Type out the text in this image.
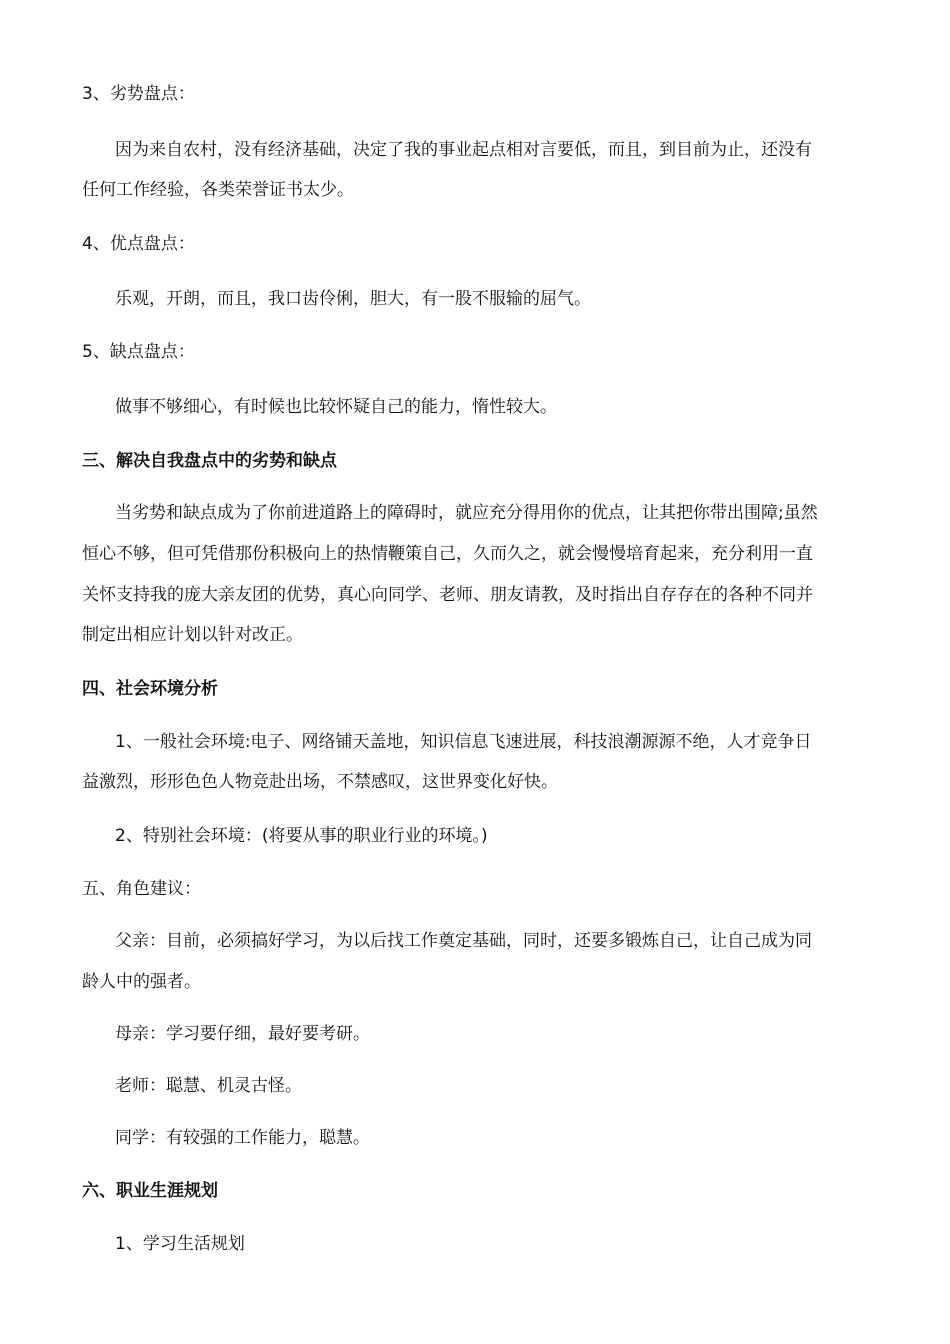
3、劣势盘点：
因为来自农村，没有经济基础，决定了我的事业起点相对言要低，而且，到目前为止，还没有
任何工作经验，各类荣誉证书太少。
4、优点盘点：
乐观，开朗，而且，我口齿伶俐，胆大，有一股不服输的屈气。
5、缺点盘点：
做事不够细心，有时候也比较怀疑自己的能力，惰性较大。
三、解决自我盘点中的劣势和缺点
当劣势和缺点成为了你前进道路上的障碍时，就应充分得用你的优点，让其把你带出围障;虽然
恒心不够，但可凭借那份积极向上的热情鞭策自己，久而久之，就会慢慢培育起来，充分利用一直
关怀支持我的庞大亲友团的优势，真心向同学、老师、朋友请教，及时指出自存存在的各种不同并
制定出相应计划以针对改正。
四、社会环境分析
1、一般社会环境:电子、网络铺天盖地，知识信息飞速进展，科技浪潮源源不绝，人才竞争日
益激烈，形形色色人物竞赴出场，不禁感叹，这世界变化好快。
2、特别社会环境：(将要从事的职业行业的环境。)
五、角色建议：
父亲：目前，必须搞好学习，为以后找工作奠定基础，同时，还要多锻炼自己，让自己成为同
龄人中的强者。
母亲：学习要仔细，最好要考研。
老师：聪慧、机灵古怪。
同学：有较强的工作能力，聪慧。
六、职业生涯规划
1、学习生活规划
